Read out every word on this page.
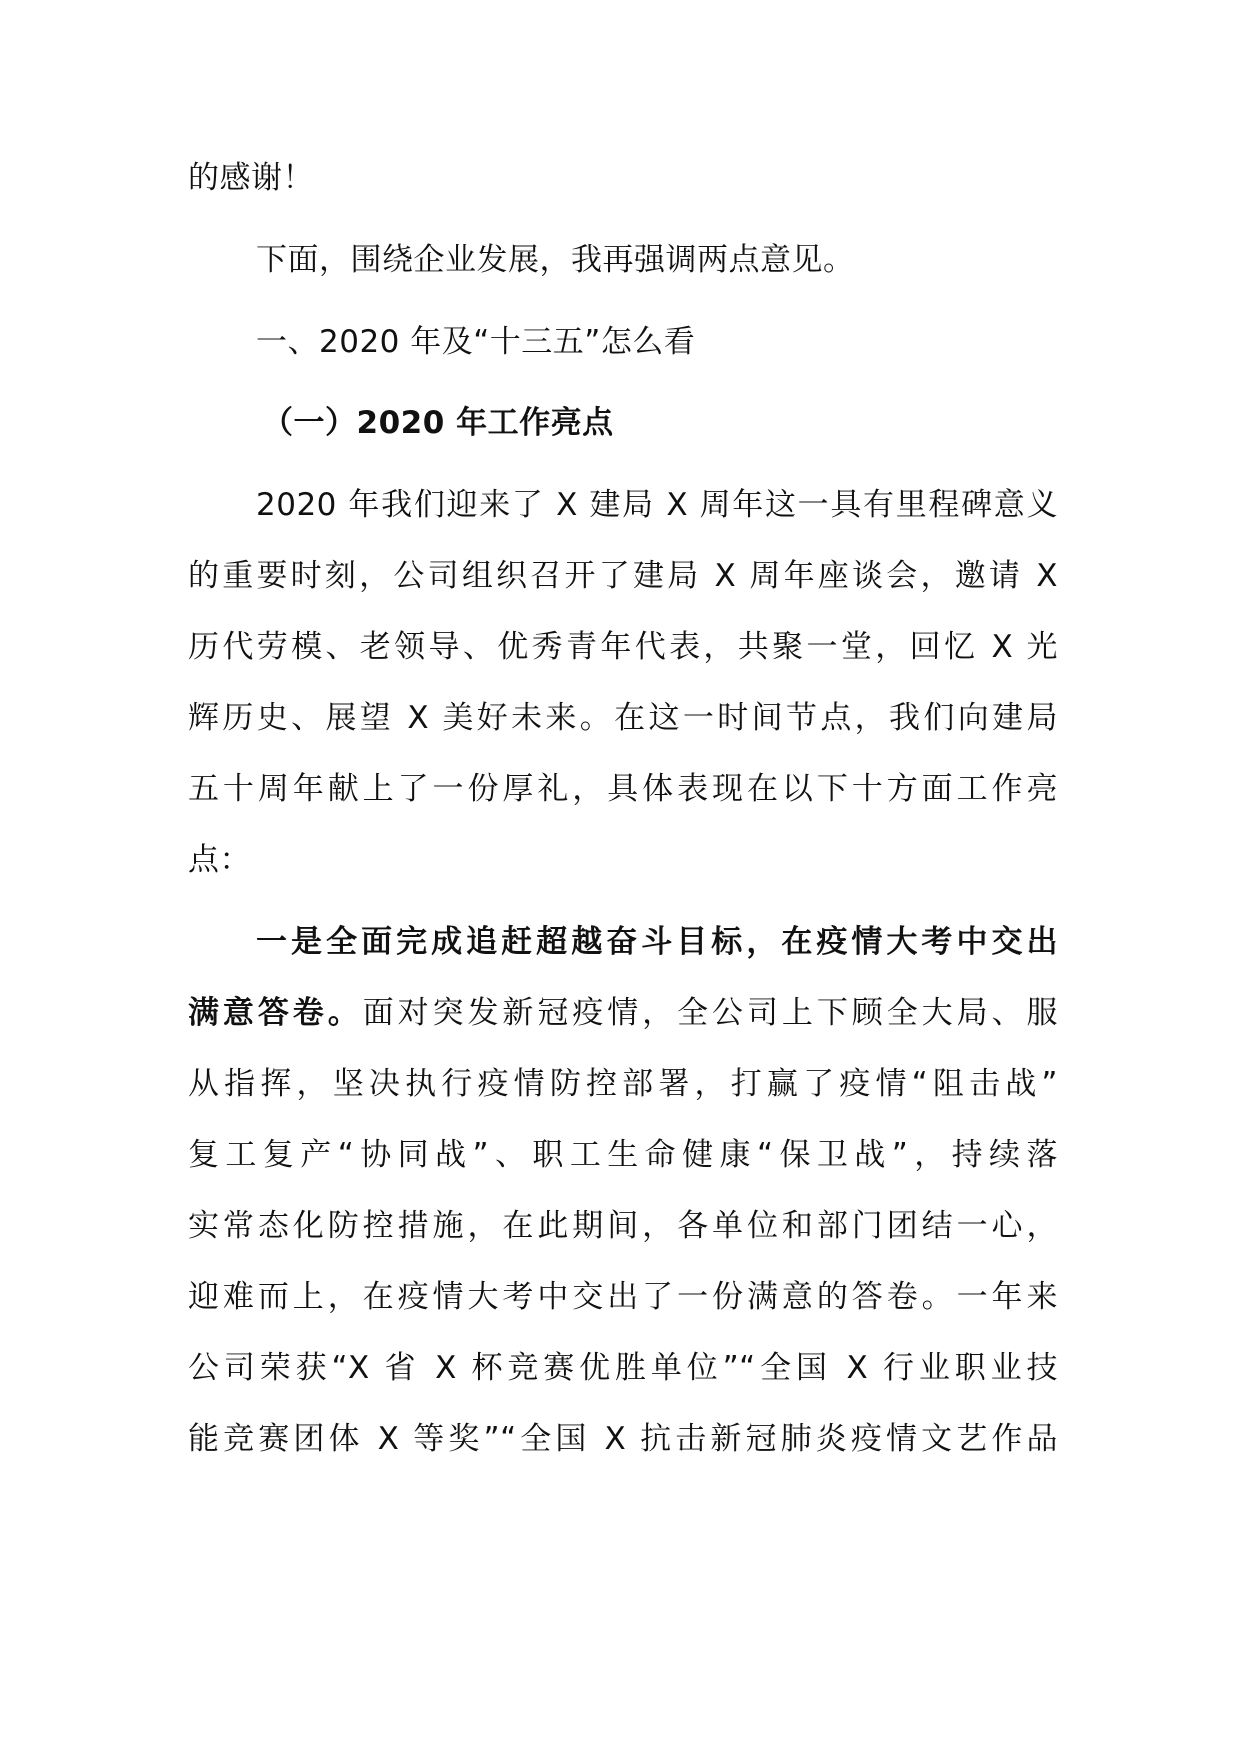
的感谢！
下面，围绕企业发展，我再强调两点意见。
一、2020 年及“十三五”怎么看
（一）2020 年工作亮点
2020 年我们迎来了 X 建局 X 周年这一具有里程碑意义
的重要时刻，公司组织召开了建局 X 周年座谈会，邀请 X
历代劳模、老领导、优秀青年代表，共聚一堂，回忆 X 光
辉历史、展望 X 美好未来。在这一时间节点，我们向建局
五十周年献上了一份厚礼，具体表现在以下十方面工作亮
点：
一是全面完成追赶超越奋斗目标，在疫情大考中交出
满意答卷。面对突发新冠疫情，全公司上下顾全大局、服
从指挥，坚决执行疫情防控部署，打赢了疫情“阻击战”
复工复产“协同战”、职工生命健康“保卫战”，持续落
实常态化防控措施，在此期间，各单位和部门团结一心，
迎难而上，在疫情大考中交出了一份满意的答卷。一年来
公司荣获“X 省 X 杯竞赛优胜单位”“全国 X 行业职业技
能竞赛团体 X 等奖”“全国 X 抗击新冠肺炎疫情文艺作品
